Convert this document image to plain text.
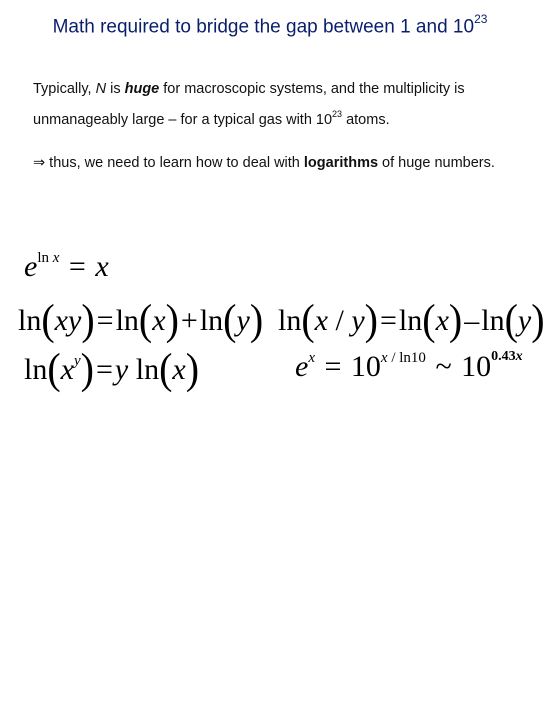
Math required to bridge the gap between 1 and $10^{23}$
Typically, N is huge for macroscopic systems, and the multiplicity is unmanageably large – for a typical gas with $10^{23}$ atoms.
⇒ thus, we need to learn how to deal with logarithms of huge numbers.
$e^{ln x} = x$
ln(xy)=ln(x)+ln(y) ln(x / y)=ln(x)–ln(y)
$\ln(x^y)=y$ ln(x)	$e^x = 10^{x / ln10}$ ~ $10^{0.43x}$
